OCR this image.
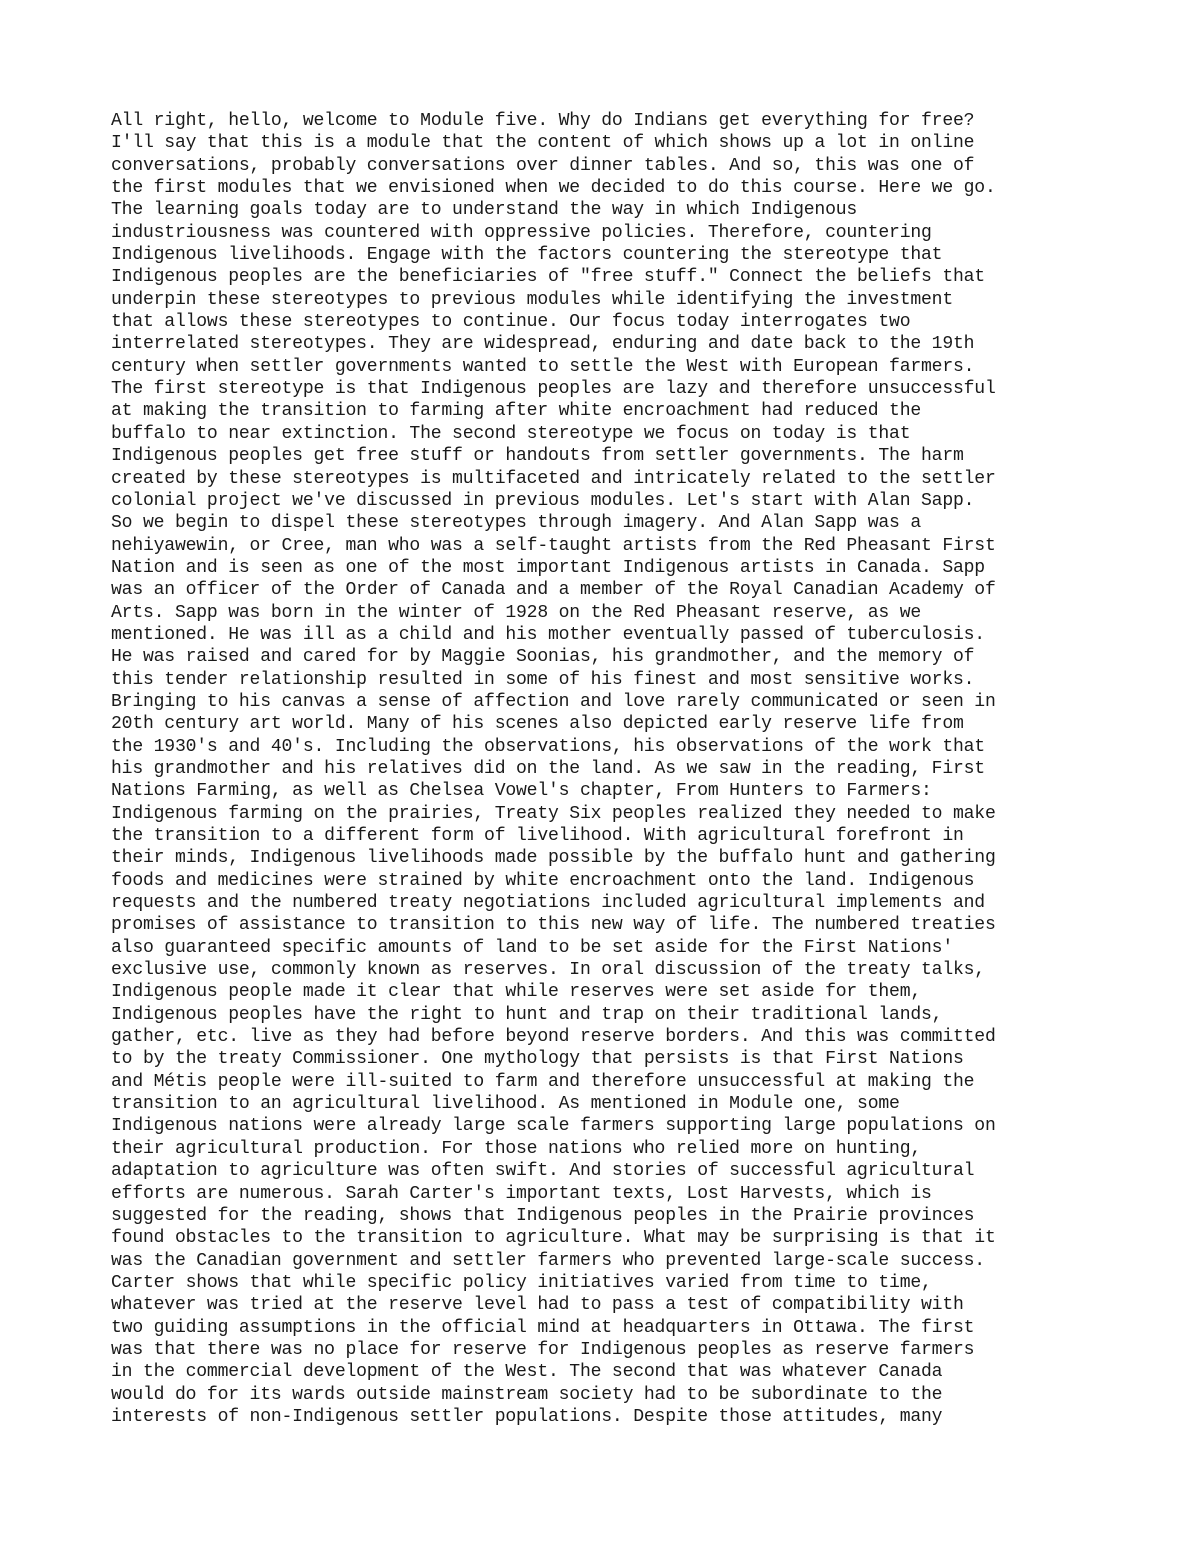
All right, hello, welcome to Module five. Why do Indians get everything for free?
I'll say that this is a module that the content of which shows up a lot in online
conversations, probably conversations over dinner tables. And so, this was one of
the first modules that we envisioned when we decided to do this course. Here we go.
The learning goals today are to understand the way in which Indigenous
industriousness was countered with oppressive policies. Therefore, countering
Indigenous livelihoods. Engage with the factors countering the stereotype that
Indigenous peoples are the beneficiaries of "free stuff." Connect the beliefs that
underpin these stereotypes to previous modules while identifying the investment
that allows these stereotypes to continue. Our focus today interrogates two
interrelated stereotypes. They are widespread, enduring and date back to the 19th
century when settler governments wanted to settle the West with European farmers.
The first stereotype is that Indigenous peoples are lazy and therefore unsuccessful
at making the transition to farming after white encroachment had reduced the
buffalo to near extinction. The second stereotype we focus on today is that
Indigenous peoples get free stuff or handouts from settler governments. The harm
created by these stereotypes is multifaceted and intricately related to the settler
colonial project we've discussed in previous modules. Let's start with Alan Sapp.
So we begin to dispel these stereotypes through imagery. And Alan Sapp was a
nehiyawewin, or Cree, man who was a self-taught artists from the Red Pheasant First
Nation and is seen as one of the most important Indigenous artists in Canada. Sapp
was an officer of the Order of Canada and a member of the Royal Canadian Academy of
Arts. Sapp was born in the winter of 1928 on the Red Pheasant reserve, as we
mentioned. He was ill as a child and his mother eventually passed of tuberculosis.
He was raised and cared for by Maggie Soonias, his grandmother, and the memory of
this tender relationship resulted in some of his finest and most sensitive works.
Bringing to his canvas a sense of affection and love rarely communicated or seen in
20th century art world. Many of his scenes also depicted early reserve life from
the 1930's and 40's. Including the observations, his observations of the work that
his grandmother and his relatives did on the land. As we saw in the reading, First
Nations Farming, as well as Chelsea Vowel's chapter, From Hunters to Farmers:
Indigenous farming on the prairies, Treaty Six peoples realized they needed to make
the transition to a different form of livelihood. With agricultural forefront in
their minds, Indigenous livelihoods made possible by the buffalo hunt and gathering
foods and medicines were strained by white encroachment onto the land. Indigenous
requests and the numbered treaty negotiations included agricultural implements and
promises of assistance to transition to this new way of life. The numbered treaties
also guaranteed specific amounts of land to be set aside for the First Nations'
exclusive use, commonly known as reserves. In oral discussion of the treaty talks,
Indigenous people made it clear that while reserves were set aside for them,
Indigenous peoples have the right to hunt and trap on their traditional lands,
gather, etc. live as they had before beyond reserve borders. And this was committed
to by the treaty Commissioner. One mythology that persists is that First Nations
and Métis people were ill-suited to farm and therefore unsuccessful at making the
transition to an agricultural livelihood. As mentioned in Module one, some
Indigenous nations were already large scale farmers supporting large populations on
their agricultural production. For those nations who relied more on hunting,
adaptation to agriculture was often swift. And stories of successful agricultural
efforts are numerous. Sarah Carter's important texts, Lost Harvests, which is
suggested for the reading, shows that Indigenous peoples in the Prairie provinces
found obstacles to the transition to agriculture. What may be surprising is that it
was the Canadian government and settler farmers who prevented large-scale success.
Carter shows that while specific policy initiatives varied from time to time,
whatever was tried at the reserve level had to pass a test of compatibility with
two guiding assumptions in the official mind at headquarters in Ottawa. The first
was that there was no place for reserve for Indigenous peoples as reserve farmers
in the commercial development of the West. The second that was whatever Canada
would do for its wards outside mainstream society had to be subordinate to the
interests of non-Indigenous settler populations. Despite those attitudes, many
